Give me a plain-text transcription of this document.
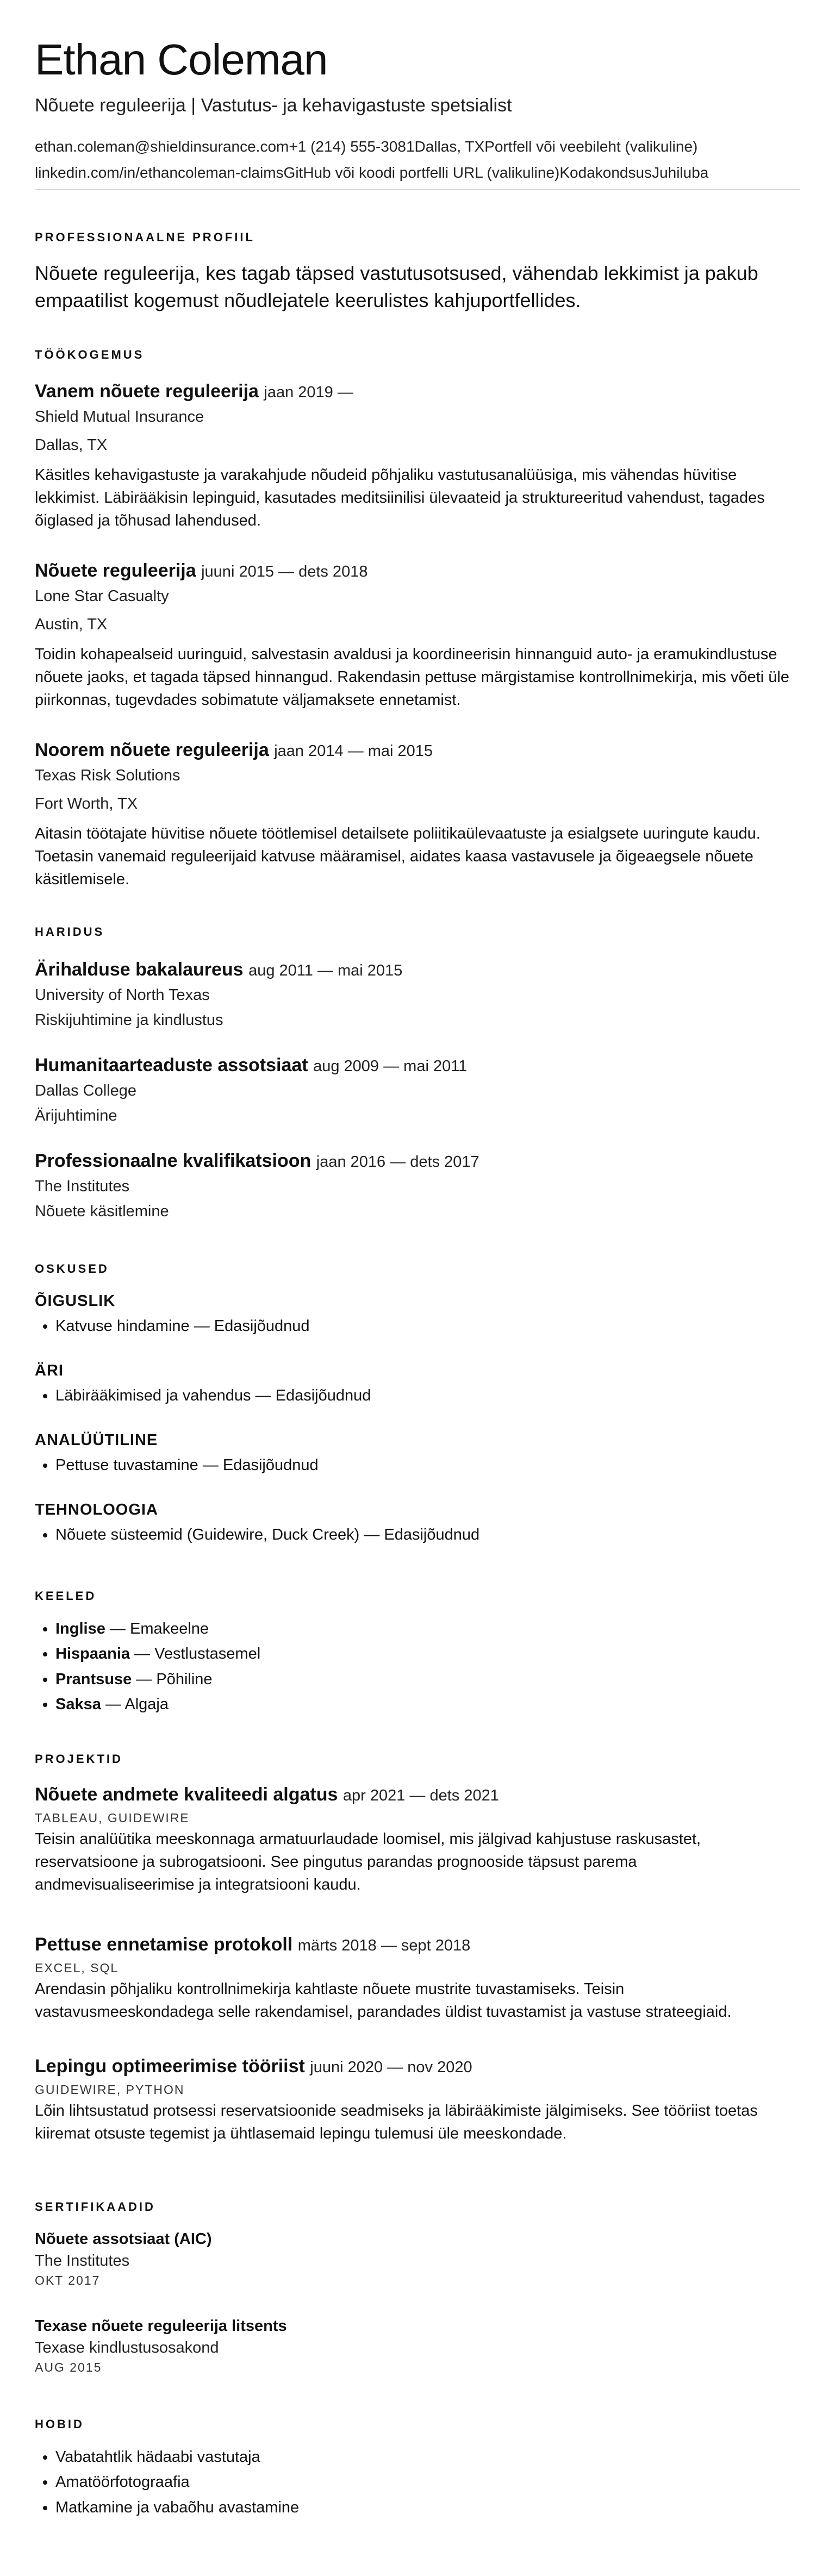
Ethan Coleman
Nõuete reguleerija | Vastutus- ja kehavigastuste spetsialist
ethan.coleman@shieldinsurance.com+1 (214) 555-3081Dallas, TXPortfell või veebileht (valikuline)
linkedin.com/in/ethancoleman-claimsGitHub või koodi portfelli URL (valikuline)KodakondsusJuhiluba
PROFESSIONAALNE PROFIIL
Nõuete reguleerija, kes tagab täpsed vastutusotsused, vähendab lekkimist ja pakub empaatilist kogemust nõudlejatele keerulistes kahjuportfellides.
TÖÖKOGEMUS
Vanem nõuete reguleerija jaan 2019 —
Shield Mutual Insurance
Dallas, TX
Käsitles kehavigastuste ja varakahjude nõudeid põhjaliku vastutusanalüüsiga, mis vähendas hüvitise lekkimist. Läbirääkisin lepinguid, kasutades meditsiinilisi ülevaateid ja struktureeritud vahendust, tagades õiglased ja tõhusad lahendused.
Nõuete reguleerija juuni 2015 — dets 2018
Lone Star Casualty
Austin, TX
Toidin kohapealseid uuringuid, salvestasin avaldusi ja koordineerisin hinnanguid auto- ja eramukindlustuse nõuete jaoks, et tagada täpsed hinnangud. Rakendasin pettuse märgistamise kontrollnimekirja, mis võeti üle piirkonnas, tugevdades sobimatute väljamaksete ennetamist.
Noorem nõuete reguleerija jaan 2014 — mai 2015
Texas Risk Solutions
Fort Worth, TX
Aitasin töötajate hüvitise nõuete töötlemisel detailsete poliitikaülevaatuste ja esialgsete uuringute kaudu. Toetasin vanemaid reguleerijaid katvuse määramisel, aidates kaasa vastavusele ja õigeaegsele nõuete käsitlemisele.
HARIDUS
Ärihalduse bakalaureus aug 2011 — mai 2015
University of North Texas
Riskijuhtimine ja kindlustus
Humanitaarteaduste assotsiaat aug 2009 — mai 2011
Dallas College
Ärijuhtimine
Professionaalne kvalifikatsioon jaan 2016 — dets 2017
The Institutes
Nõuete käsitlemine
OSKUSED
ÕIGUSLIK
• Katvuse hindamine — Edasijõudnud
ÄRI
• Läbirääkimised ja vahendus — Edasijõudnud
ANALÜÜTILINE
• Pettuse tuvastamine — Edasijõudnud
TEHNOLOOGIA
• Nõuete süsteemid (Guidewire, Duck Creek) — Edasijõudnud
KEELED
• Inglise — Emakeelne
• Hispaania — Vestlustasemel
• Prantsuse — Põhiline
• Saksa — Algaja
PROJEKTID
Nõuete andmete kvaliteedi algatus apr 2021 — dets 2021
TABLEAU, GUIDEWIRE
Teisin analüütika meeskonnaga armatuurlaudade loomisel, mis jälgivad kahjustuse raskusastet, reservatsioone ja subrogatsiooni. See pingutus parandas prognooside täpsust parema andmevisualiseerimise ja integratsiooni kaudu.
Pettuse ennetamise protokoll märts 2018 — sept 2018
EXCEL, SQL
Arendasin põhjaliku kontrollnimekirja kahtlaste nõuete mustrite tuvastamiseks. Teisin vastavusmeeskondadega selle rakendamisel, parandades üldist tuvastamist ja vastuse strateegiaid.
Lepingu optimeerimise tööriist juuni 2020 — nov 2020
GUIDEWIRE, PYTHON
Lõin lihtsustatud protsessi reservatsioonide seadmiseks ja läbirääkimiste jälgimiseks. See tööriist toetas kiiremat otsuste tegemist ja ühtlasemaid lepingu tulemusi üle meeskondade.
SERTIFIKAADID
Nõuete assotsiaat (AIC)
The Institutes
OKT 2017
Texase nõuete reguleerija litsents
Texase kindlustusosakond
AUG 2015
HOBID
• Vabatahtlik hädaabi vastutaja
• Amatöörfotograafia
• Matkamine ja vabaõhu avastamine
